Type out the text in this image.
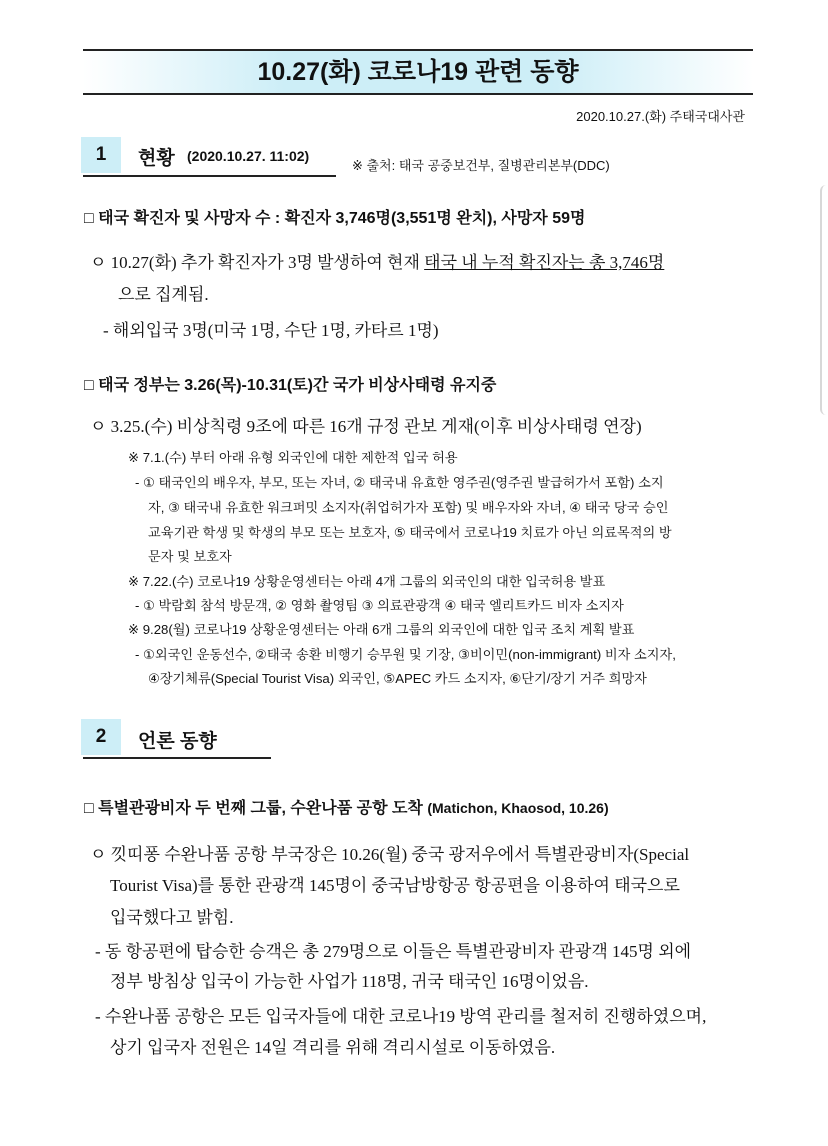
10.27(화) 코로나19 관련 동향
2020.10.27.(화) 주태국대사관
1	현황 (2020.10.27. 11:02)
※ 출처: 태국 공중보건부, 질병관리본부(DDC)
□ 태국 확진자 및 사망자 수 : 확진자 3,746명(3,551명 완치), 사망자 59명
ㅇ 10.27(화) 추가 확진자가 3명 발생하여 현재 태국 내 누적 확진자는 총 3,746명
으로 집계됨.
- 해외입국 3명(미국 1명, 수단 1명, 카타르 1명)
□ 태국 정부는 3.26(목)-10.31(토)간 국가 비상사태령 유지중
ㅇ 3.25.(수) 비상칙령 9조에 따른 16개 규정 관보 게재(이후 비상사태령 연장)
※ 7.1.(수) 부터 아래 유형 외국인에 대한 제한적 입국 허용
- ① 태국인의 배우자, 부모, 또는 자녀, ② 태국내 유효한 영주권(영주권 발급허가서 포함) 소지
자, ③ 태국내 유효한 워크퍼밋 소지자(취업허가자 포함) 및 배우자와 자녀, ④ 태국 당국 승인
교육기관 학생 및 학생의 부모 또는 보호자, ⑤ 태국에서 코로나19 치료가 아닌 의료목적의 방
문자 및 보호자
※ 7.22.(수) 코로나19 상황운영센터는 아래 4개 그룹의 외국인의 대한 입국허용 발표
- ① 박람회 참석 방문객, ② 영화 촬영팀 ③ 의료관광객 ④ 태국 엘리트카드 비자 소지자
※ 9.28(월) 코로나19 상황운영센터는 아래 6개 그룹의 외국인에 대한 입국 조치 계획 발표
- ①외국인 운동선수, ②태국 송환 비행기 승무원 및 기장, ③비이민(non-immigrant) 비자 소지자,
④장기체류(Special Tourist Visa) 외국인, ⑤APEC 카드 소지자, ⑥단기/장기 거주 희망자
2	언론 동향
□ 특별관광비자 두 번째 그룹, 수완나품 공항 도착 (Matichon, Khaosod, 10.26)
ㅇ 낏띠퐁 수완나품 공항 부국장은 10.26(월) 중국 광저우에서 특별관광비자(Special
Tourist Visa)를 통한 관광객 145명이 중국남방항공 항공편을 이용하여 태국으로
입국했다고 밝힘.
- 동 항공편에 탑승한 승객은 총 279명으로 이들은 특별관광비자 관광객 145명 외에
정부 방침상 입국이 가능한 사업가 118명, 귀국 태국인 16명이었음.
- 수완나품 공항은 모든 입국자들에 대한 코로나19 방역 관리를 철저히 진행하였으며,
상기 입국자 전원은 14일 격리를 위해 격리시설로 이동하였음.
